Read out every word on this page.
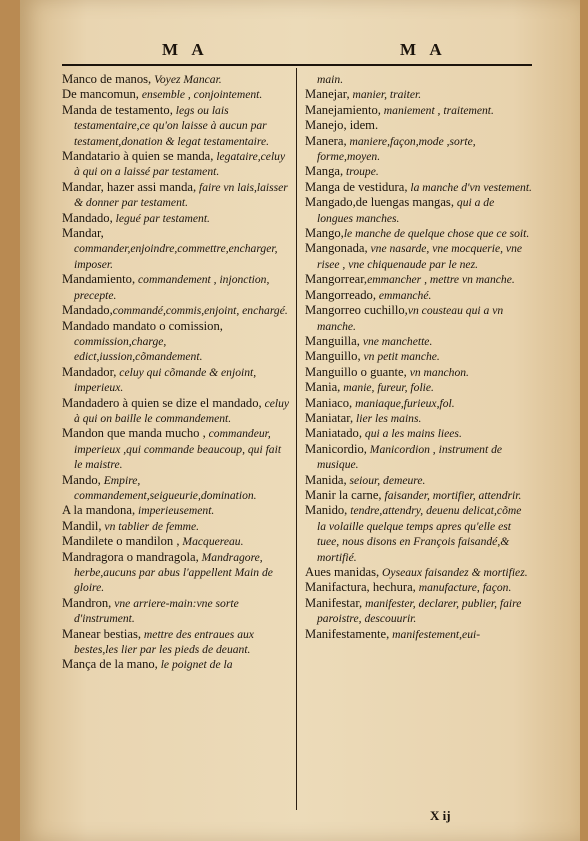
M A	M A

Manco de manos, Voyez Mancar.

De mancomun, ensemble , conjointement.

Manda de testamento, legs ou lais testamentaire,ce qu'on laisse à aucun par testament,donation & legat testamentaire.

Mandatario à quien se manda, legataire,celuy à qui on a laissé par testament.

Mandar, hazer assi manda, faire vn lais,laisser & donner par testament.

Mandado, legué par testament.

Mandar, commander,enjoindre,commettre,encharger, imposer.

Mandamiento, commandement , injonction, precepte.

Mandado,commandé,commis,enjoint, enchargé.

Mandado mandato o comission, commission,charge, edict,iussion,cõmandement.

Mandador, celuy qui cõmande & enjoint, imperieux.

Mandadero à quien se dize el mandado, celuy à qui on baille le commandement.

Mandon que manda mucho , commandeur, imperieux ,qui commande beaucoup, qui fait le maistre.

Mando, Empire, commandement,seigueurie,domination.

A la mandona, imperieusement.

Mandil, vn tablier de femme.

Mandilete o mandilon , Macquereau.

Mandragora o mandragola, Mandragore, herbe,aucuns par abus l'appellent Main de gloire.

Mandron, vne arriere-main:vne sorte d'instrument.

Manear bestias, mettre des entraues aux bestes,les lier par les pieds de deuant.

Mança de la mano, le poignet de la

main.

Manejar, manier, traiter.

Manejamiento, maniement , traitement.

Manejo, idem.

Manera, maniere,façon,mode ,sorte, forme,moyen.

Manga, troupe.

Manga de vestidura, la manche d'vn vestement.

Mangado,de luengas mangas, qui a de longues manches.

Mango,le manche de quelque chose que ce soit.

Mangonada, vne nasarde, vne mocquerie, vne risee , vne chiquenaude par le nez.

Mangorrear,emmancher , mettre vn manche.

Mangorreado, emmanché.

Mangorreo cuchillo,vn cousteau qui a vn manche.

Manguilla, vne manchette.

Manguillo, vn petit manche.

Manguillo o guante, vn manchon.

Mania, manie, fureur, folie.

Maniaco, maniaque,furieux,fol.

Maniatar, lier les mains.

Maniatado, qui a les mains liees.

Manicordio, Manicordion , instrument de musique.

Manida, seiour, demeure.

Manir la carne, faisander, mortifier, attendrir.

Manido, tendre,attendry, deuenu delicat,cõme la volaille quelque temps apres qu'elle est tuee, nous disons en François faisandé,& mortifié.

Aues manidas, Oyseaux faisandez & mortifiez.

Manifactura, hechura, manufacture, façon.

Manifestar, manifester, declarer, publier, faire paroistre, descouurir.

Manifestamente, manifestement,eui-

X ij
